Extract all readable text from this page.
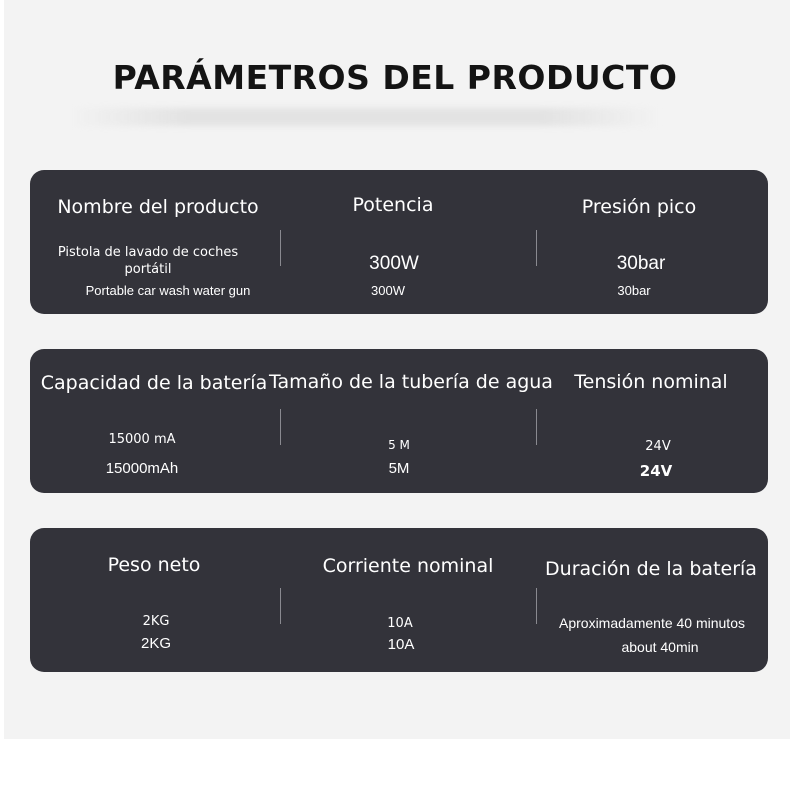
PARÁMETROS DEL PRODUCTO
Nombre del producto
Pistola de lavado de coches portátil
Portable car wash water gun
Potencia
300W
300W
Presión pico
30bar
30bar
Capacidad de la batería
15000 mA
15000mAh
Tamaño de la tubería de agua
5 M
5M
Tensión nominal
24V
24V
Peso neto
2KG
2KG
Corriente nominal
10A
10A
Duración de la batería
Aproximadamente 40 minutos
about 40min
